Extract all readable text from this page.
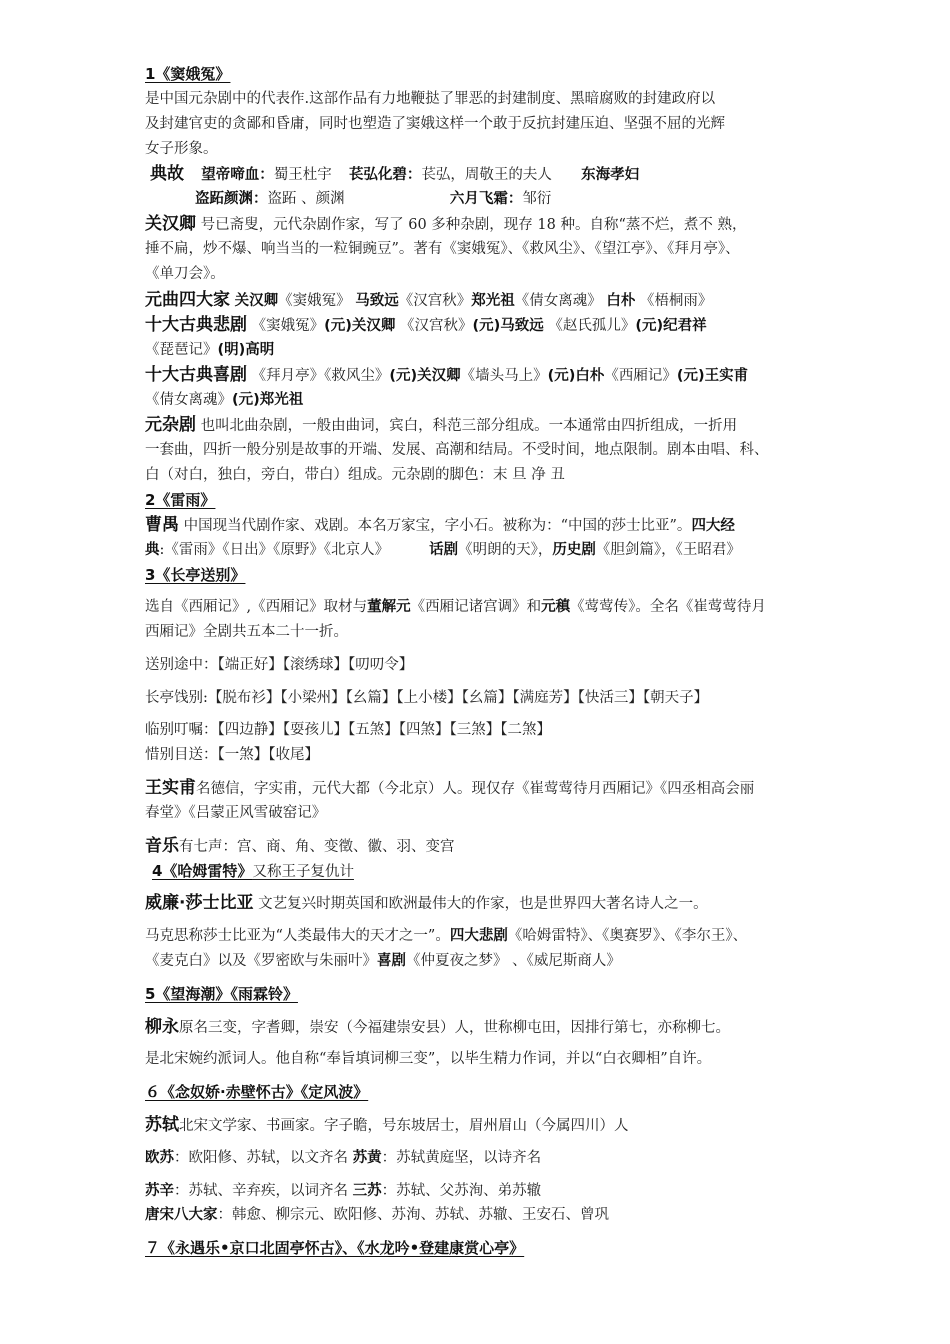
1《窦娥冤》
是中国元杂剧中的代表作.这部作品有力地鞭挞了罪恶的封建制度、黑暗腐败的封建政府以
及封建官吏的贪鄙和昏庸，同时也塑造了窦娥这样一个敢于反抗封建压迫、坚强不屈的光辉
女子形象。
典故 望帝啼血：蜀王杜宇 苌弘化碧：苌弘，周敬王的夫人 东海孝妇
盗跖颜渊：盗跖 、颜渊	六月飞霜：邹衍
关汉卿 号已斋叟，元代杂剧作家，写了 60 多种杂剧，现存 18 种。自称“蒸不烂，煮不 熟，
捶不扁，炒不爆、响当当的一粒铜豌豆”。著有《窦娥冤》、《救风尘》、《望江亭》、《拜月亭》、
《单刀会》。
元曲四大家 关汉卿《窦娥冤》 马致远《汉宫秋》郑光祖《倩女离魂》 白朴 《梧桐雨》
十大古典悲剧 《窦娥冤》(元)关汉卿 《汉宫秋》(元)马致远 《赵氏孤儿》(元)纪君祥
《琵琶记》(明)高明
十大古典喜剧 《拜月亭》《救风尘》(元)关汉卿《墙头马上》(元)白朴《西厢记》(元)王实甫
《倩女离魂》(元)郑光祖
元杂剧 也叫北曲杂剧，一般由曲词，宾白，科范三部分组成。一本通常由四折组成，一折用
一套曲，四折一般分别是故事的开端、发展、高潮和结局。不受时间，地点限制。剧本由唱、科、
白（对白，独白，旁白，带白）组成。元杂剧的脚色：末 旦 净 丑
2《雷雨》
曹禺 中国现当代剧作家、戏剧。本名万家宝，字小石。被称为：“中国的莎士比亚”。四大经
典:《雷雨》《日出》《原野》《北京人》	话剧《明朗的天》，历史剧《胆剑篇》，《王昭君》
3《长亭送别》
选自《西厢记》,《西厢记》取材与董解元《西厢记诸宫调》和元稹《莺莺传》。全名《崔莺莺待月
西厢记》全剧共五本二十一折。
送别途中：【端正好】【滚绣球】【叨叨令】
长亭饯别:【脱布衫】【小梁州】【幺篇】【上小楼】【幺篇】【满庭芳】【快活三】【朝天子】
临别叮嘱：【四边静】【耍孩儿】【五煞】【四煞】【三煞】【二煞】
惜别目送：【一煞】【收尾】
王实甫名德信，字实甫，元代大都（今北京）人。现仅存《崔莺莺待月西厢记》《四丞相高会丽
春堂》《吕蒙正风雪破窑记》
音乐有七声：宫、商、角、变徵、徽、羽、变宫
4《哈姆雷特》又称王子复仇计
威廉·莎士比亚 文艺复兴时期英国和欧洲最伟大的作家，也是世界四大著名诗人之一。
马克思称莎士比亚为“人类最伟大的天才之一”。四大悲剧《哈姆雷特》、《奥赛罗》、《李尔王》、
《麦克白》以及《罗密欧与朱丽叶》喜剧《仲夏夜之梦》 、《威尼斯商人》
5《望海潮》《雨霖铃》
柳永原名三变，字耆卿，崇安（今福建崇安县）人，世称柳屯田，因排行第七，亦称柳七。
是北宋婉约派词人。他自称“奉旨填词柳三变”，以毕生精力作词，并以“白衣卿相”自许。
６《念奴娇·赤壁怀古》《定风波》
苏轼北宋文学家、书画家。字子瞻，号东坡居士，眉州眉山（今属四川）人
欧苏：欧阳修、苏轼，以文齐名 苏黄：苏轼黄庭坚，以诗齐名
苏辛：苏轼、辛弃疾，以词齐名 三苏：苏轼、父苏洵、弟苏辙
唐宋八大家：韩愈、柳宗元、欧阳修、苏洵、苏轼、苏辙、王安石、曾巩
７《永遇乐•京口北固亭怀古》、《水龙吟•登建康赏心亭》
